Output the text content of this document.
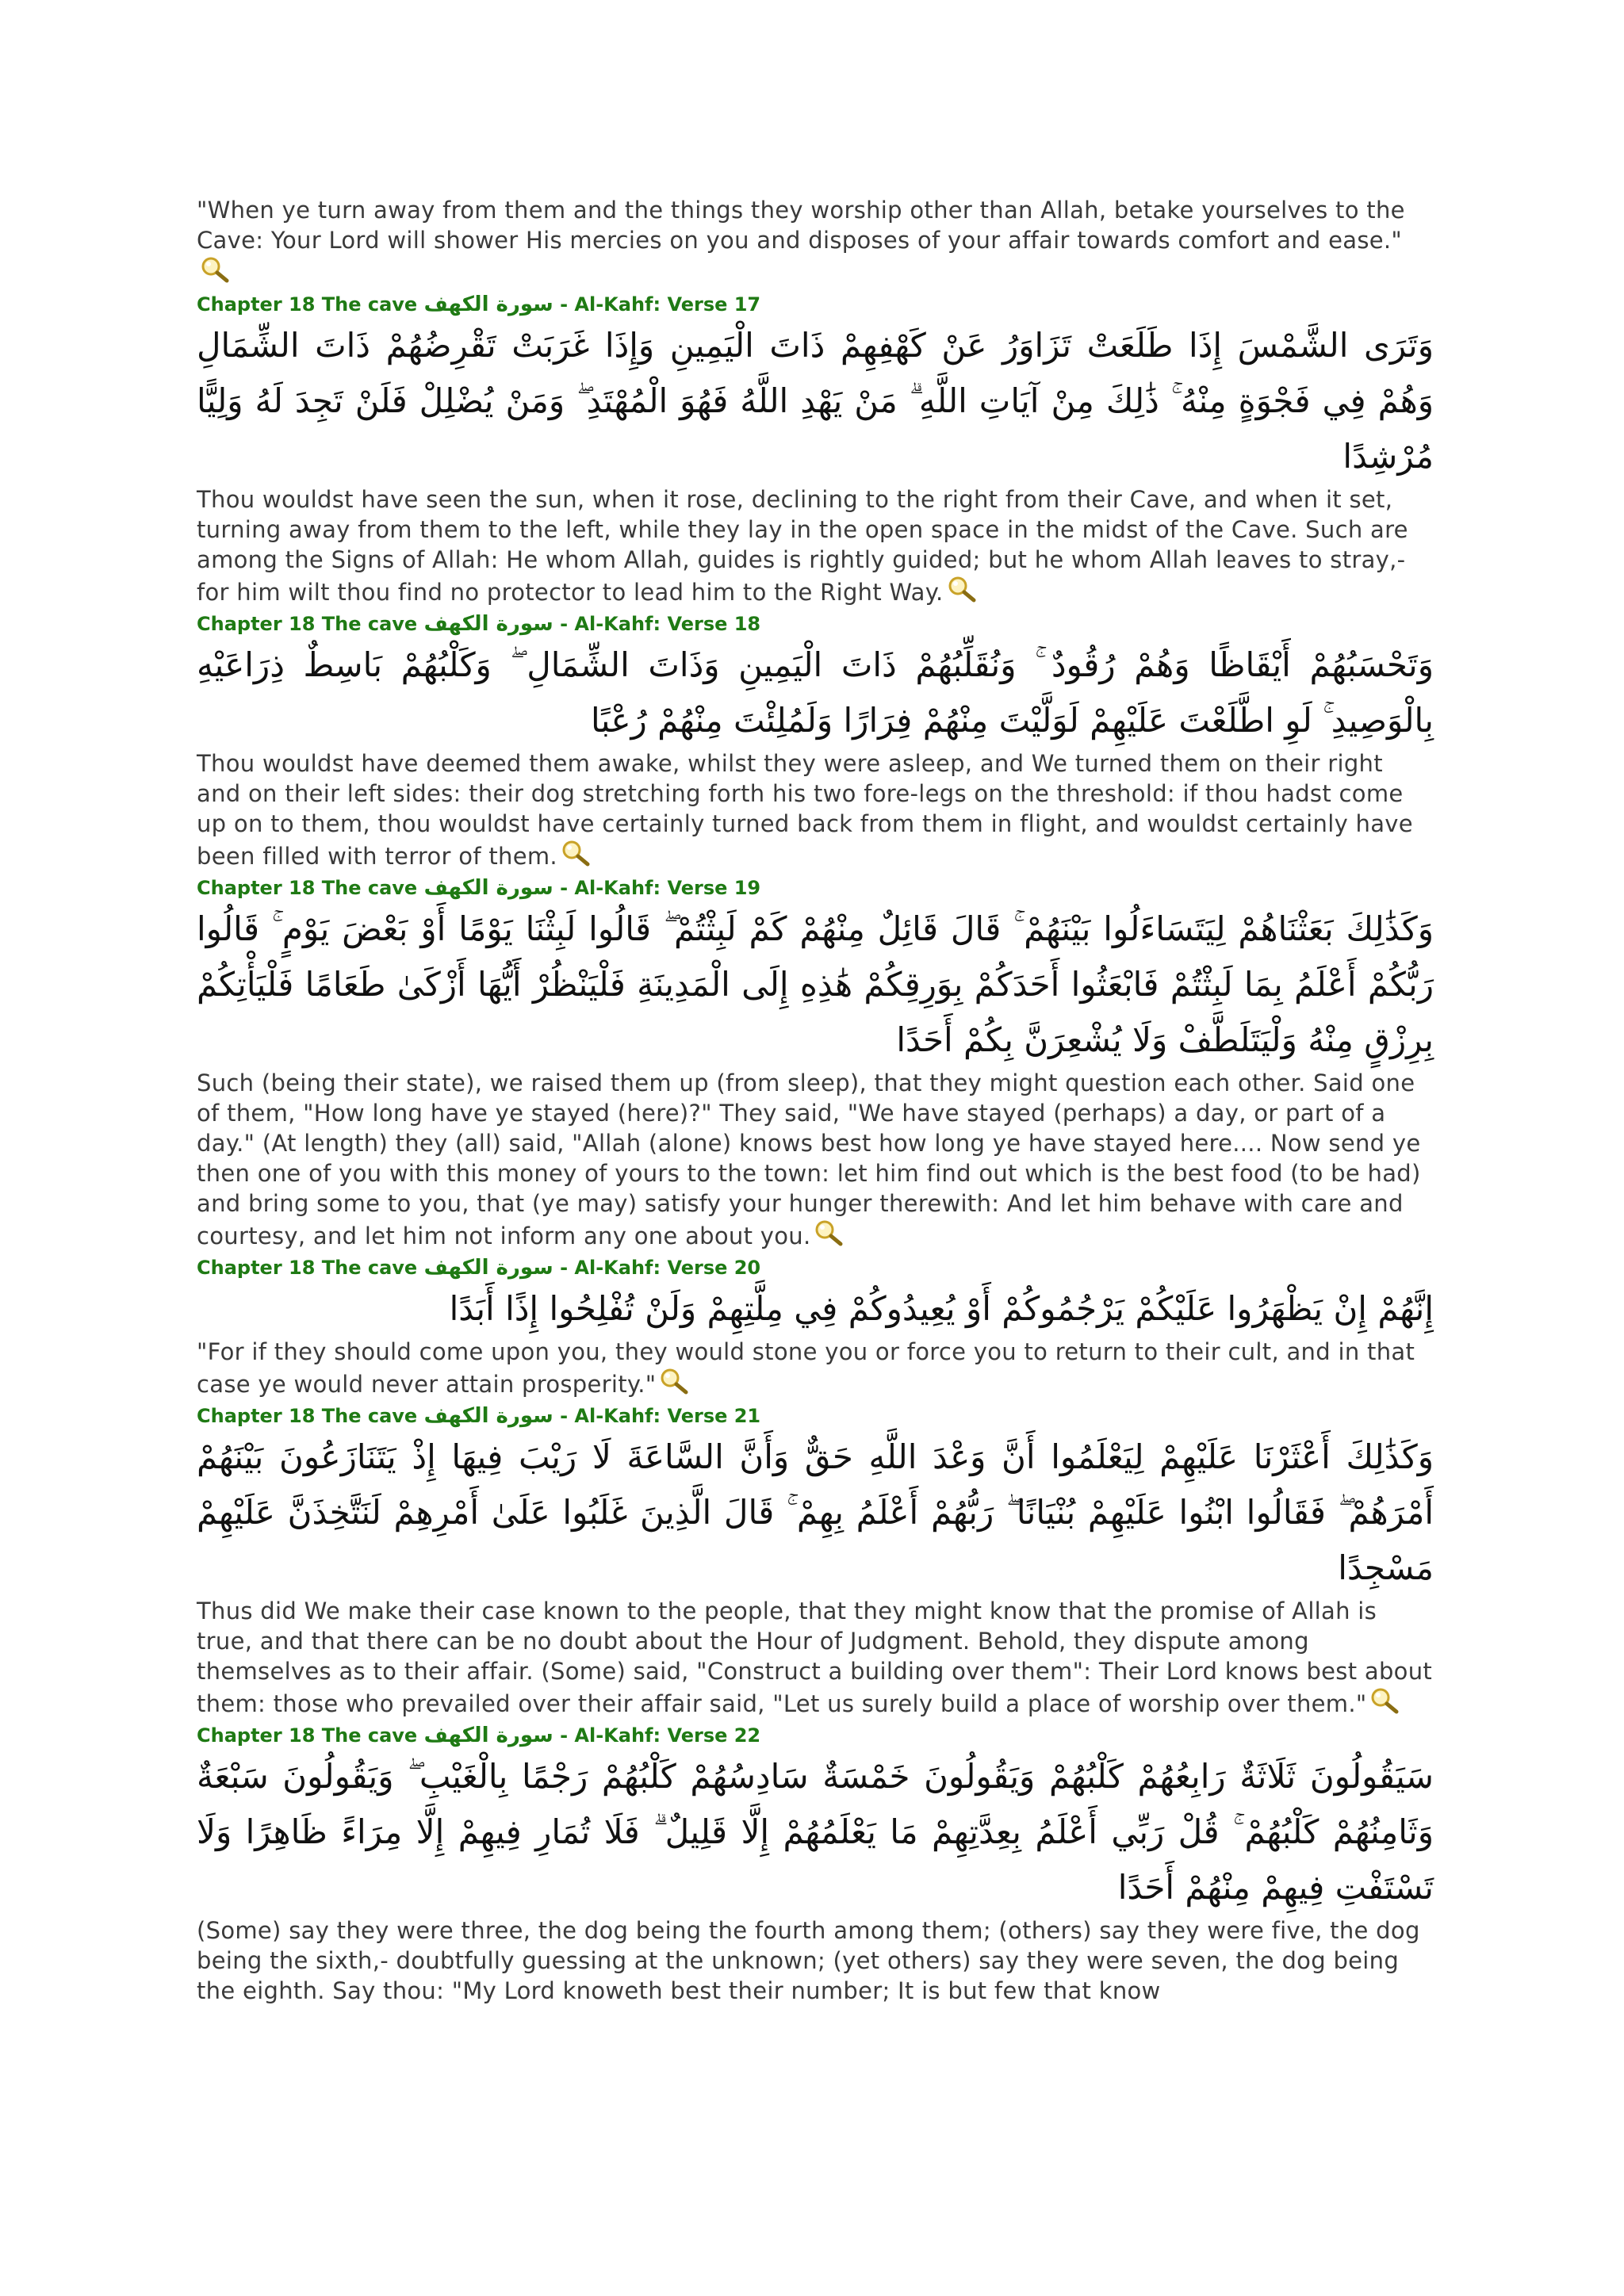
"When ye turn away from them and the things they worship other than Allah, betake yourselves to the Cave: Your Lord will shower His mercies on you and disposes of your affair towards comfort and ease."

Chapter 18 The cave سورة الكهف - Al-Kahf: Verse 17

وَتَرَى الشَّمْسَ إِذَا طَلَعَتْ تَزَاوَرُ عَنْ كَهْفِهِمْ ذَاتَ الْيَمِينِ وَإِذَا غَرَبَتْ تَقْرِضُهُمْ ذَاتَ الشِّمَالِ وَهُمْ فِي فَجْوَةٍ مِنْهُ ۚ ذَٰلِكَ مِنْ آيَاتِ اللَّهِ ۗ مَنْ يَهْدِ اللَّهُ فَهُوَ الْمُهْتَدِ ۖ وَمَنْ يُضْلِلْ فَلَنْ تَجِدَ لَهُ وَلِيًّا مُرْشِدًا

Thou wouldst have seen the sun, when it rose, declining to the right from their Cave, and when it set, turning away from them to the left, while they lay in the open space in the midst of the Cave. Such are among the Signs of Allah: He whom Allah, guides is rightly guided; but he whom Allah leaves to stray,- for him wilt thou find no protector to lead him to the Right Way.

Chapter 18 The cave سورة الكهف - Al-Kahf: Verse 18

وَتَحْسَبُهُمْ أَيْقَاظًا وَهُمْ رُقُودٌ ۚ وَنُقَلِّبُهُمْ ذَاتَ الْيَمِينِ وَذَاتَ الشِّمَالِ ۖ وَكَلْبُهُمْ بَاسِطٌ ذِرَاعَيْهِ بِالْوَصِيدِ ۚ لَوِ اطَّلَعْتَ عَلَيْهِمْ لَوَلَّيْتَ مِنْهُمْ فِرَارًا وَلَمُلِئْتَ مِنْهُمْ رُعْبًا

Thou wouldst have deemed them awake, whilst they were asleep, and We turned them on their right and on their left sides: their dog stretching forth his two fore-legs on the threshold: if thou hadst come up on to them, thou wouldst have certainly turned back from them in flight, and wouldst certainly have been filled with terror of them.

Chapter 18 The cave سورة الكهف - Al-Kahf: Verse 19

وَكَذَٰلِكَ بَعَثْنَاهُمْ لِيَتَسَاءَلُوا بَيْنَهُمْ ۚ قَالَ قَائِلٌ مِنْهُمْ كَمْ لَبِثْتُمْ ۖ قَالُوا لَبِثْنَا يَوْمًا أَوْ بَعْضَ يَوْمٍ ۚ قَالُوا رَبُّكُمْ أَعْلَمُ بِمَا لَبِثْتُمْ فَابْعَثُوا أَحَدَكُمْ بِوَرِقِكُمْ هَٰذِهِ إِلَى الْمَدِينَةِ فَلْيَنْظُرْ أَيُّهَا أَزْكَىٰ طَعَامًا فَلْيَأْتِكُمْ بِرِزْقٍ مِنْهُ وَلْيَتَلَطَّفْ وَلَا يُشْعِرَنَّ بِكُمْ أَحَدًا

Such (being their state), we raised them up (from sleep), that they might question each other. Said one of them, "How long have ye stayed (here)?" They said, "We have stayed (perhaps) a day, or part of a day." (At length) they (all) said, "Allah (alone) knows best how long ye have stayed here.... Now send ye then one of you with this money of yours to the town: let him find out which is the best food (to be had) and bring some to you, that (ye may) satisfy your hunger therewith: And let him behave with care and courtesy, and let him not inform any one about you.

Chapter 18 The cave سورة الكهف - Al-Kahf: Verse 20

إِنَّهُمْ إِنْ يَظْهَرُوا عَلَيْكُمْ يَرْجُمُوكُمْ أَوْ يُعِيدُوكُمْ فِي مِلَّتِهِمْ وَلَنْ تُفْلِحُوا إِذًا أَبَدًا

"For if they should come upon you, they would stone you or force you to return to their cult, and in that case ye would never attain prosperity."

Chapter 18 The cave سورة الكهف - Al-Kahf: Verse 21

وَكَذَٰلِكَ أَعْثَرْنَا عَلَيْهِمْ لِيَعْلَمُوا أَنَّ وَعْدَ اللَّهِ حَقٌّ وَأَنَّ السَّاعَةَ لَا رَيْبَ فِيهَا إِذْ يَتَنَازَعُونَ بَيْنَهُمْ أَمْرَهُمْ ۖ فَقَالُوا ابْنُوا عَلَيْهِمْ بُنْيَانًا ۖ رَبُّهُمْ أَعْلَمُ بِهِمْ ۚ قَالَ الَّذِينَ غَلَبُوا عَلَىٰ أَمْرِهِمْ لَنَتَّخِذَنَّ عَلَيْهِمْ مَسْجِدًا

Thus did We make their case known to the people, that they might know that the promise of Allah is true, and that there can be no doubt about the Hour of Judgment. Behold, they dispute among themselves as to their affair. (Some) said, "Construct a building over them": Their Lord knows best about them: those who prevailed over their affair said, "Let us surely build a place of worship over them."

Chapter 18 The cave سورة الكهف - Al-Kahf: Verse 22

سَيَقُولُونَ ثَلَاثَةٌ رَابِعُهُمْ كَلْبُهُمْ وَيَقُولُونَ خَمْسَةٌ سَادِسُهُمْ كَلْبُهُمْ رَجْمًا بِالْغَيْبِ ۖ وَيَقُولُونَ سَبْعَةٌ وَثَامِنُهُمْ كَلْبُهُمْ ۚ قُلْ رَبِّي أَعْلَمُ بِعِدَّتِهِمْ مَا يَعْلَمُهُمْ إِلَّا قَلِيلٌ ۗ فَلَا تُمَارِ فِيهِمْ إِلَّا مِرَاءً ظَاهِرًا وَلَا تَسْتَفْتِ فِيهِمْ مِنْهُمْ أَحَدًا

(Some) say they were three, the dog being the fourth among them; (others) say they were five, the dog being the sixth,- doubtfully guessing at the unknown; (yet others) say they were seven, the dog being the eighth. Say thou: "My Lord knoweth best their number; It is but few that know
